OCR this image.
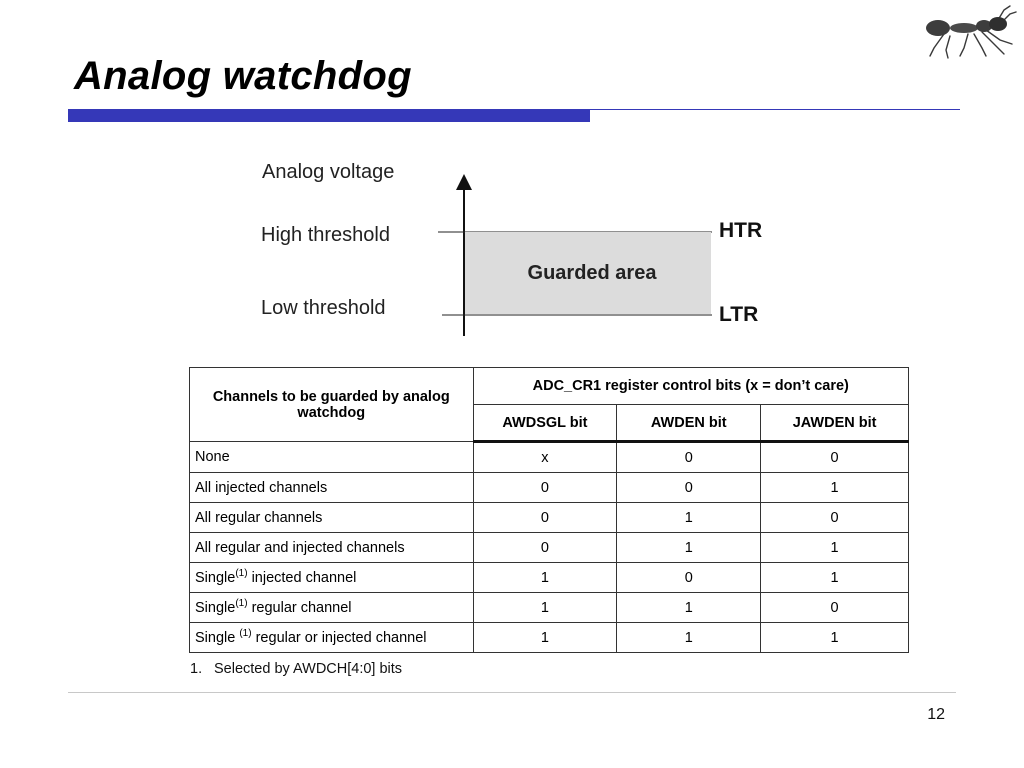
Analog watchdog
Guarded area
Analog voltage
High threshold
Low threshold
HTR
LTR
Channels to be guarded by analog watchdog	ADC_CR1 register control bits (x = don’t care)		
	AWDSGL bit	AWDEN bit	JAWDEN bit
None	x	0	0
All injected channels	0	0	1
All regular channels	0	1	0
All regular and injected channels	0	1	1
Single$^{(1)}$ injected channel	1	0	1
Single$^{(1)}$ regular channel	1	1	0
Single $^{(1)}$ regular or injected channel	1	1	1
1. Selected by AWDCH[4:0] bits
12
